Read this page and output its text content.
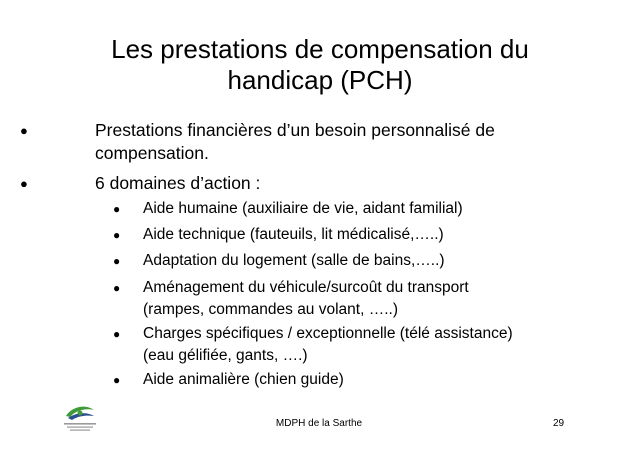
Les prestations de compensation du
handicap (PCH)
●	Prestations financières d’un besoin personnalisé de
compensation.
●	6 domaines d’action :
● Aide humaine (auxiliaire de vie, aidant familial)
● Aide technique (fauteuils, lit médicalisé,…..)
● Adaptation du logement (salle de bains,…..)
● Aménagement du véhicule/surcoût du transport
(rampes, commandes au volant, …..)
● Charges spécifiques / exceptionnelle (télé assistance)
(eau gélifiée, gants, ….)
● Aide animalière (chien guide)
MDPH de la Sarthe	29
